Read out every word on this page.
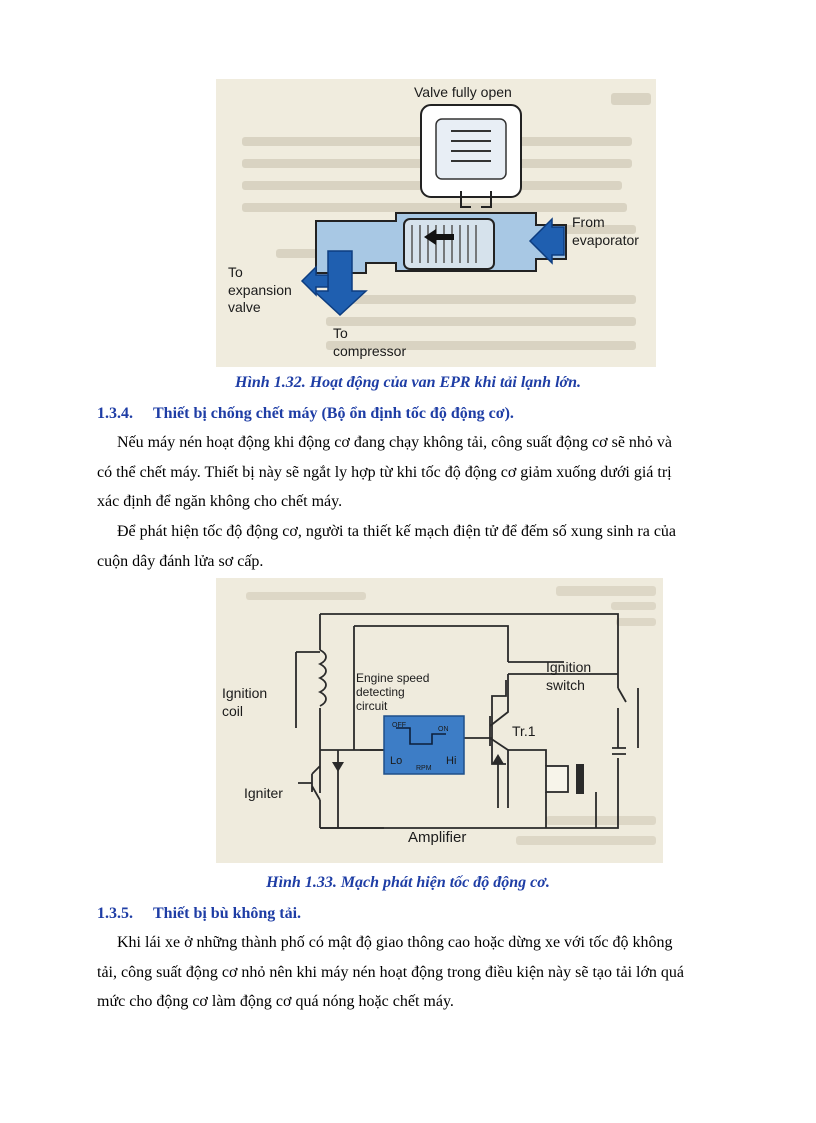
Valve fully open
From
evaporator
To
expansion
valve
To
compressor
Hình 1.32. Hoạt động của van EPR khi tải lạnh lớn.
1.3.4. Thiết bị chống chết máy (Bộ ổn định tốc độ động cơ).
Nếu máy nén hoạt động khi động cơ đang chạy không tải, công suất động cơ sẽ nhỏ và
có thể chết máy. Thiết bị này sẽ ngắt ly hợp từ khi tốc độ động cơ giảm xuống dưới giá trị
xác định để ngăn không cho chết máy.
Để phát hiện tốc độ động cơ, người ta thiết kế mạch điện tử để đếm số xung sinh ra của
cuộn dây đánh lửa sơ cấp.
OFF
ON
Lo	Hi
RPM
Ignition
coil
Igniter
Engine speed
detecting
circuit
Tr.1
Ignition
switch
Amplifier
Hình 1.33. Mạch phát hiện tốc độ động cơ.
1.3.5. Thiết bị bù không tải.
Khi lái xe ở những thành phố có mật độ giao thông cao hoặc dừng xe với tốc độ không
tải, công suất động cơ nhỏ nên khi máy nén hoạt động trong điều kiện này sẽ tạo tải lớn quá
mức cho động cơ làm động cơ quá nóng hoặc chết máy.
